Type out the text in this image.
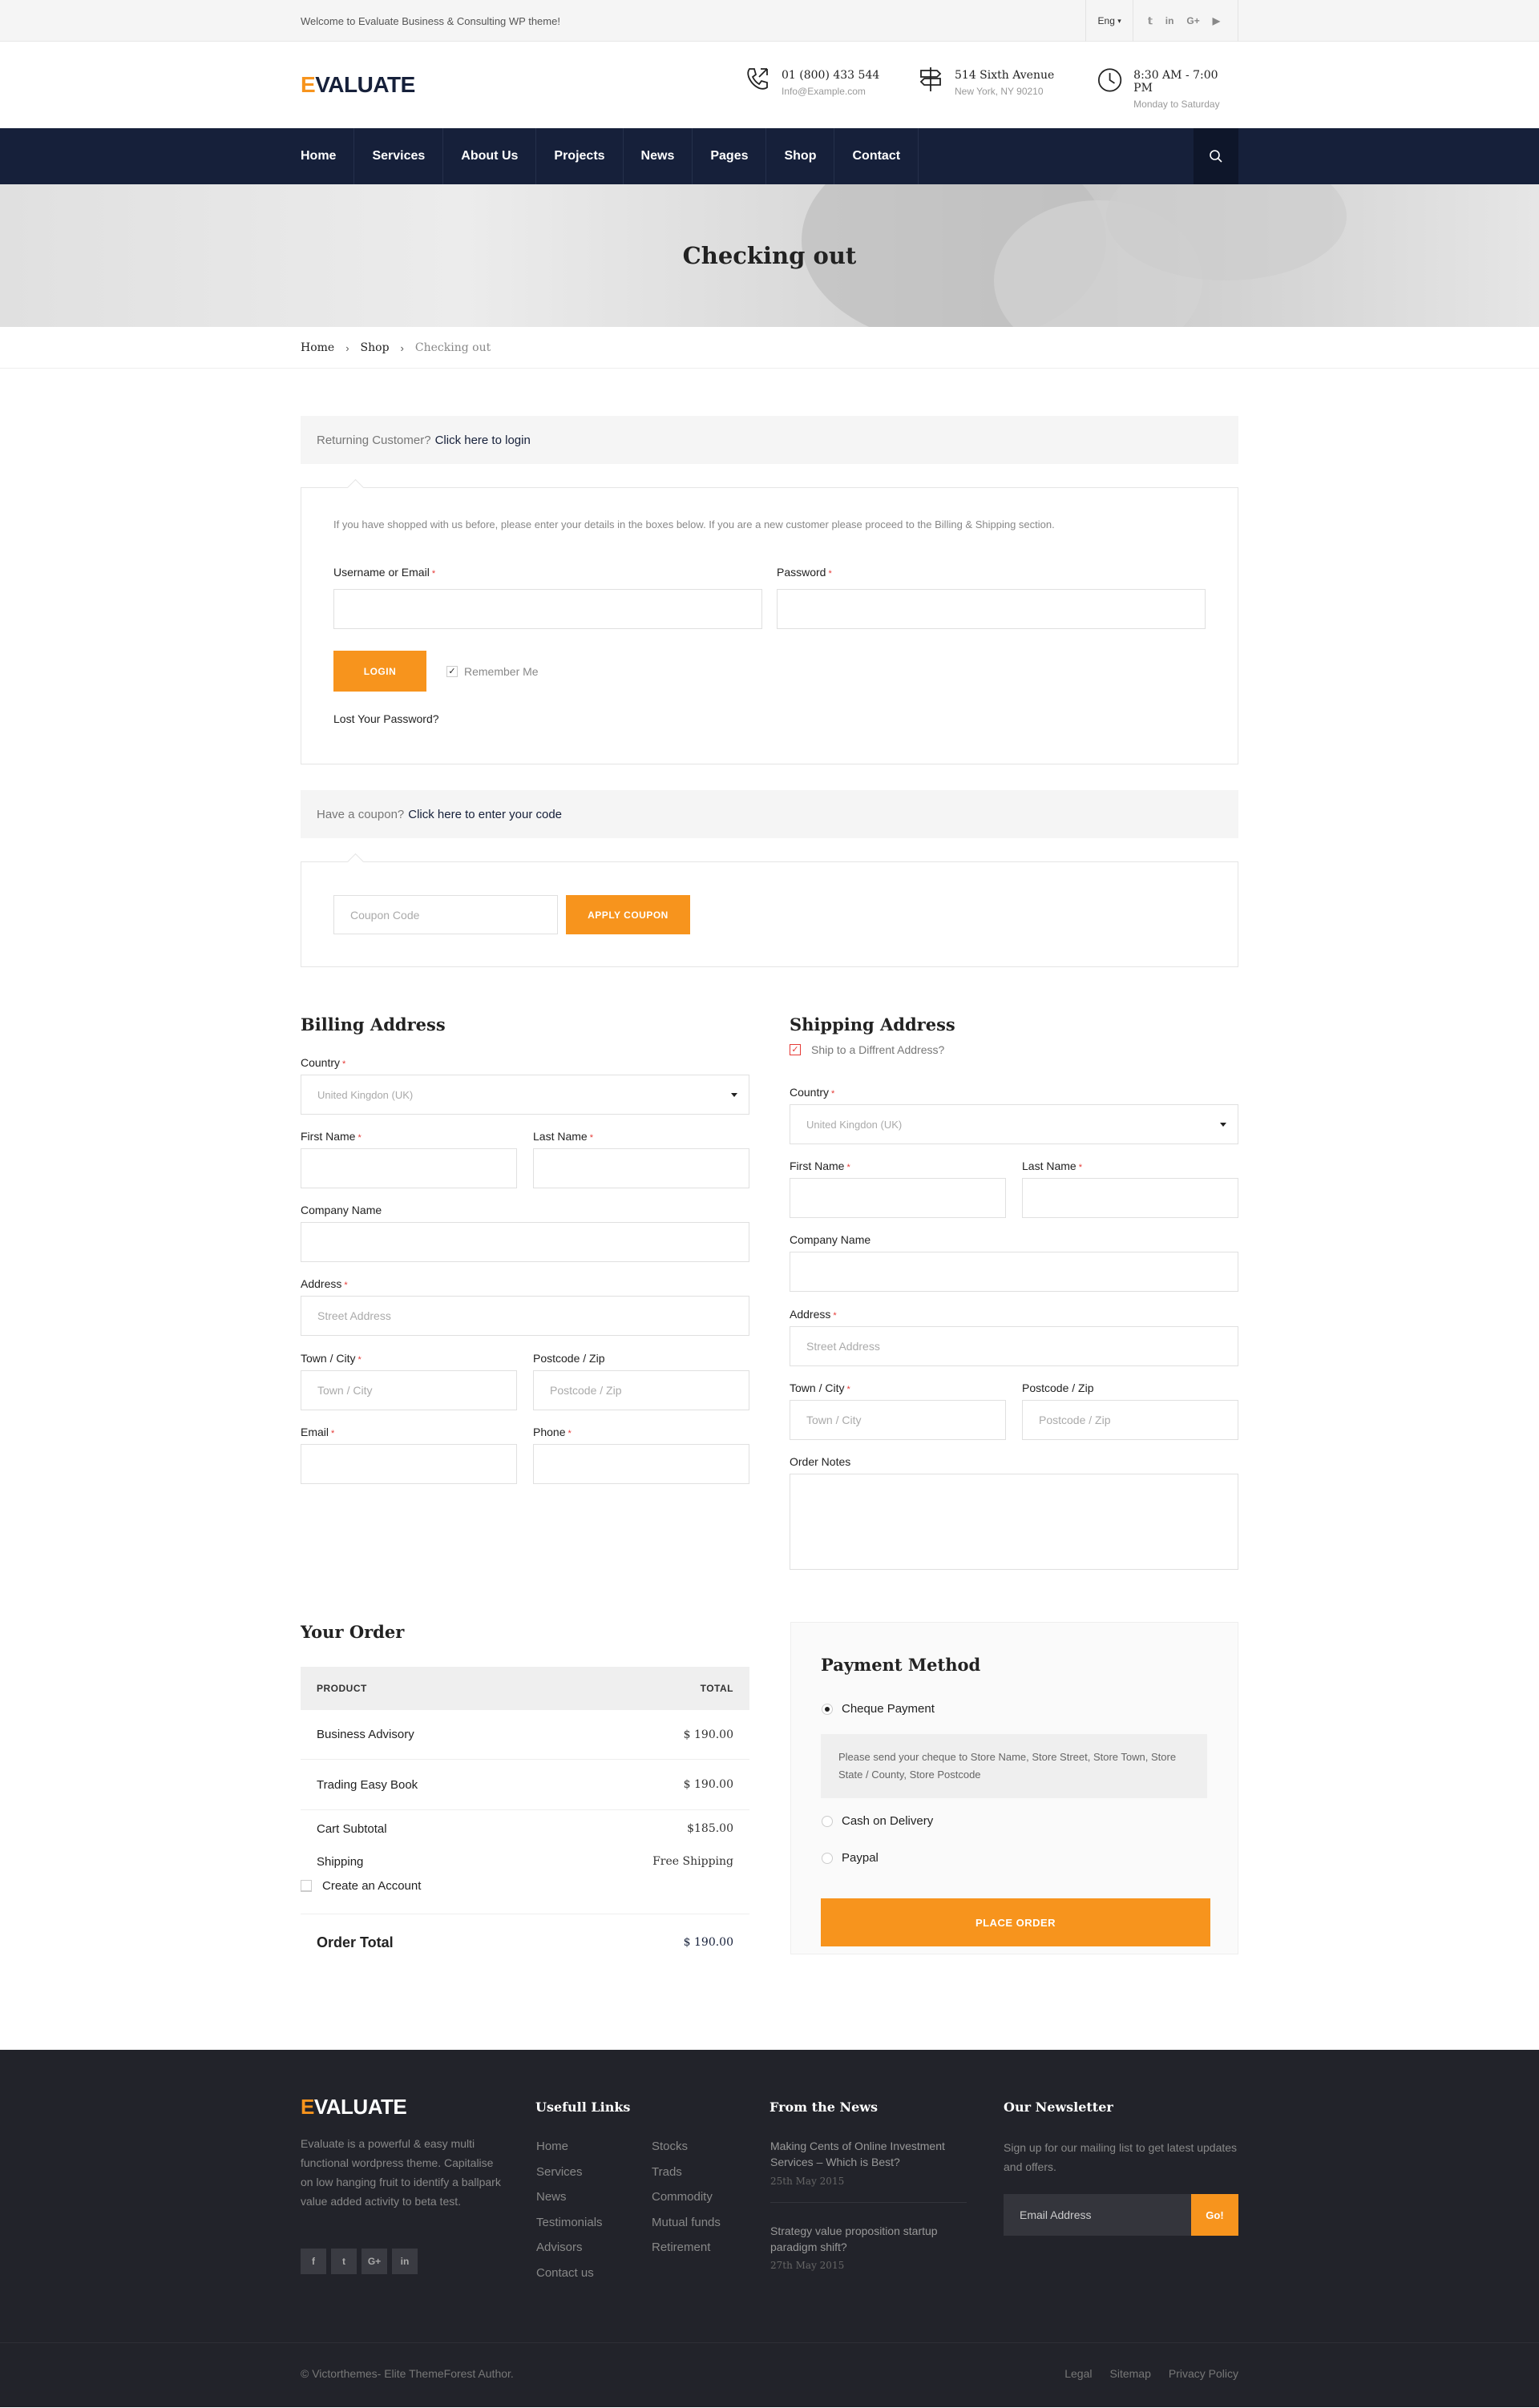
Welcome to Evaluate Business & Consulting WP theme!	Eng
▾	𝕥 in G+ ▶
EVALUATE	01 (800) 433 544
Info@Example.com
514 Sixth Avenue
New York, NY 90210
8:30 AM - 7:00 PM
Monday to Saturday
Home	Services	About Us	Projects	News	Pages	Shop	Contact
Checking out
Home › Shop › Checking out
Returning Customer? Click here to login
If you have shopped with us before, please enter your details in the boxes below. If you are a new customer please proceed to the Billing & Shipping section.
Username or Email *	Password *
LOGIN	✓ Remember Me
Lost Your Password?
Have a coupon? Click here to enter your code
Coupon Code	APPLY COUPON
Billing Address
Country *
United Kingdon (UK)
First Name *	Last Name *
Company Name
Address *
Street Address
Town / City *	Postcode / Zip
Town / City	Postcode / Zip
Email *	Phone *
Create an Account
Shipping Address
✓ Ship to a Diffrent Address?
Country *
United Kingdon (UK)
First Name *	Last Name *
Company Name
Address *
Street Address
Town / City *	Postcode / Zip
Town / City	Postcode / Zip
Order Notes
Your Order
PRODUCT	TOTAL
Business Advisory	$ 190.00
Trading Easy Book	$ 190.00
Cart Subtotal	$185.00
Shipping	Free Shipping
Order Total	$ 190.00
Payment Method
Cheque Payment
Please send your cheque to Store Name, Store Street, Store Town, Store State / County, Store Postcode
Cash on Delivery
Paypal
PLACE ORDER
EVALUATE
Evaluate is a powerful & easy multi functional wordpress theme. Capitalise on low hanging fruit to identify a ballpark value added activity to beta test.
f	t	G+	in
Usefull Links
Home
Services
News
Testimonials
Advisors
Contact us
Stocks
Trads
Commodity
Mutual funds
Retirement
From the News
Making Cents of Online Investment Services – Which is Best?
25th May 2015
Strategy value proposition startup paradigm shift?
27th May 2015
Our Newsletter
Sign up for our mailing list to get latest updates and offers.
Email Address	Go!
© Victorthemes- Elite ThemeForest Author.	Legal Sitemap Privacy Policy
